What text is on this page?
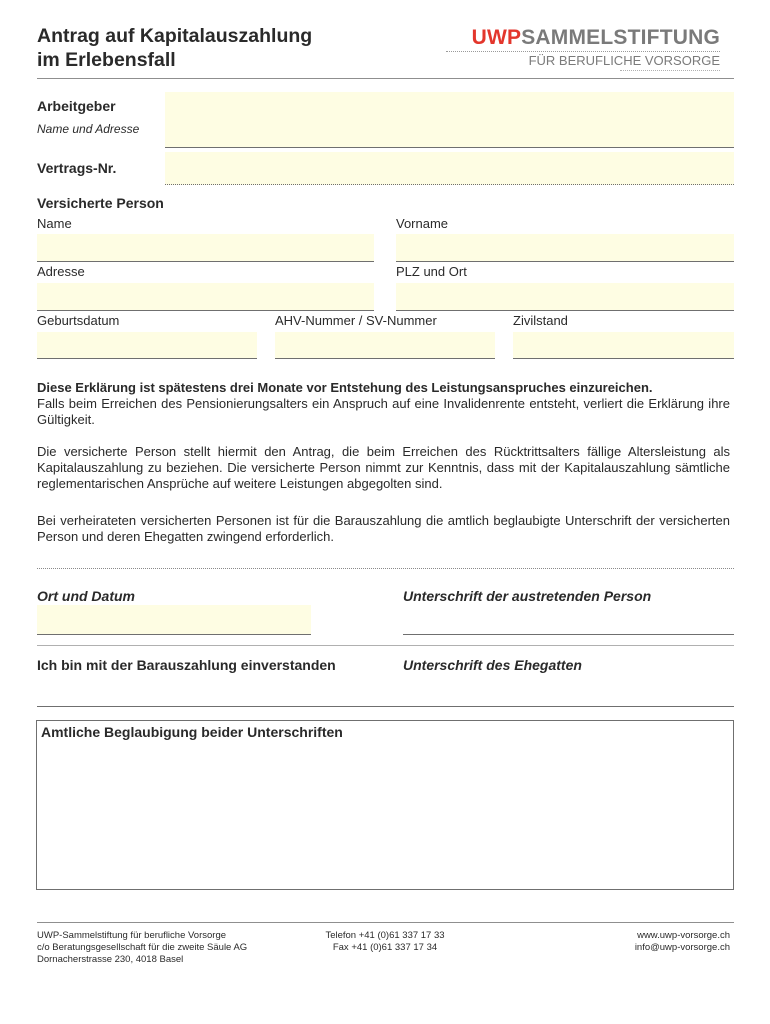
Antrag auf Kapitalauszahlung
im Erlebensfall
UWPSAMMELSTIFTUNG
FÜR BERUFLICHE VORSORGE
Arbeitgeber
Name und Adresse
Vertrags-Nr.
Versicherte Person
Name	Vorname
Adresse	PLZ und Ort
Geburtsdatum	AHV-Nummer / SV-Nummer	Zivilstand
Diese Erklärung ist spätestens drei Monate vor Entstehung des Leistungsanspruches einzureichen.
Falls beim Erreichen des Pensionierungsalters ein Anspruch auf eine Invalidenrente entsteht, verliert die Erklärung ihre Gültigkeit.
Die versicherte Person stellt hiermit den Antrag, die beim Erreichen des Rücktrittsalters fällige Altersleistung als Kapitalauszahlung zu beziehen. Die versicherte Person nimmt zur Kenntnis, dass mit der Kapitalauszahlung sämtliche reglementarischen Ansprüche auf weitere Leistungen abgegolten sind.
Bei verheirateten versicherten Personen ist für die Barauszahlung die amtlich beglaubigte Unterschrift der versicherten Person und deren Ehegatten zwingend erforderlich.
Ort und Datum	Unterschrift der austretenden Person
Ich bin mit der Barauszahlung einverstanden	Unterschrift des Ehegatten
Amtliche Beglaubigung beider Unterschriften
UWP-Sammelstiftung für berufliche Vorsorge
c/o Beratungsgesellschaft für die zweite Säule AG
Dornacherstrasse 230, 4018 Basel
Telefon +41 (0)61 337 17 33
Fax +41 (0)61 337 17 34
www.uwp-vorsorge.ch
info@uwp-vorsorge.ch
